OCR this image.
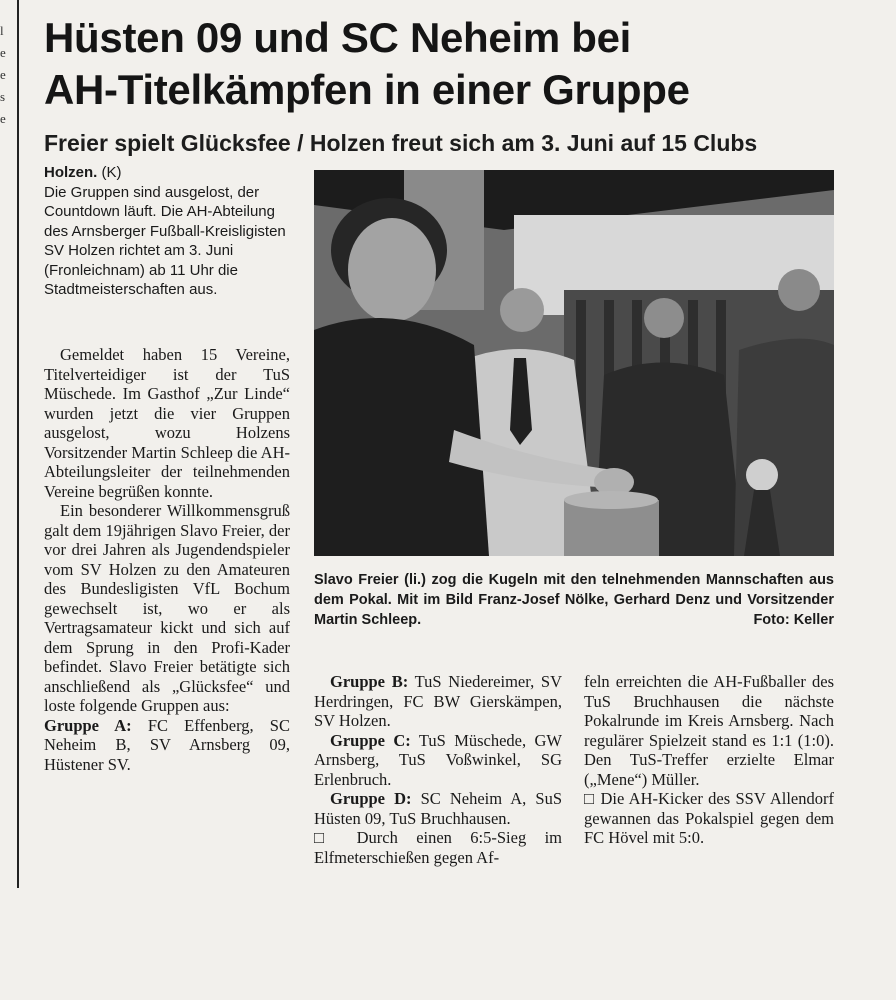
l
e
e
s
e
Hüsten 09 und SC Neheim bei
AH-Titelkämpfen in einer Gruppe
Freier spielt Glücksfee / Holzen freut sich am 3. Juni auf 15 Clubs
Holzen. (K)
Die Gruppen sind ausgelost, der Countdown läuft. Die AH-Abteilung des Arnsberger Fußball-Kreisligisten SV Holzen richtet am 3. Juni (Fronleichnam) ab 11 Uhr die Stadtmeisterschaften aus.
Slavo Freier (li.) zog die Kugeln mit den telnehmenden Mannschaften aus dem Pokal. Mit im Bild Franz-Josef Nölke, Gerhard Denz und Vorsitzender Martin Schleep.	Foto: Keller

Gemeldet haben 15 Vereine, Titelverteidiger ist der TuS Müschede. Im Gasthof „Zur Linde“ wurden jetzt die vier Gruppen ausgelost, wozu Holzens Vorsitzender Martin Schleep die AH-Abteilungsleiter der teilnehmenden Vereine begrüßen konnte.

Ein besonderer Willkommensgruß galt dem 19jährigen Slavo Freier, der vor drei Jahren als Jugendendspieler vom SV Holzen zu den Amateuren des Bundesligisten VfL Bochum gewechselt ist, wo er als Vertragsamateur kickt und sich auf dem Sprung in den Profi-Kader befindet. Slavo Freier betätigte sich anschließend als „Glücksfee“ und loste folgende Gruppen aus:

Gruppe A: FC Effenberg, SC Neheim B, SV Arnsberg 09, Hüstener SV.

Gruppe B: TuS Niedereimer, SV Herdringen, FC BW Gierskämpen, SV Holzen.

Gruppe C: TuS Müschede, GW Arnsberg, TuS Voßwinkel, SG Erlenbruch.

Gruppe D: SC Neheim A, SuS Hüsten 09, TuS Bruchhausen.

□ Durch einen 6:5-Sieg im Elfmeterschießen gegen Af-

feln erreichten die AH-Fußballer des TuS Bruchhausen die nächste Pokalrunde im Kreis Arnsberg. Nach regulärer Spielzeit stand es 1:1 (1:0). Den TuS-Treffer erzielte Elmar („Mene“) Müller.

□ Die AH-Kicker des SSV Allendorf gewannen das Pokalspiel gegen dem FC Hövel mit 5:0.
